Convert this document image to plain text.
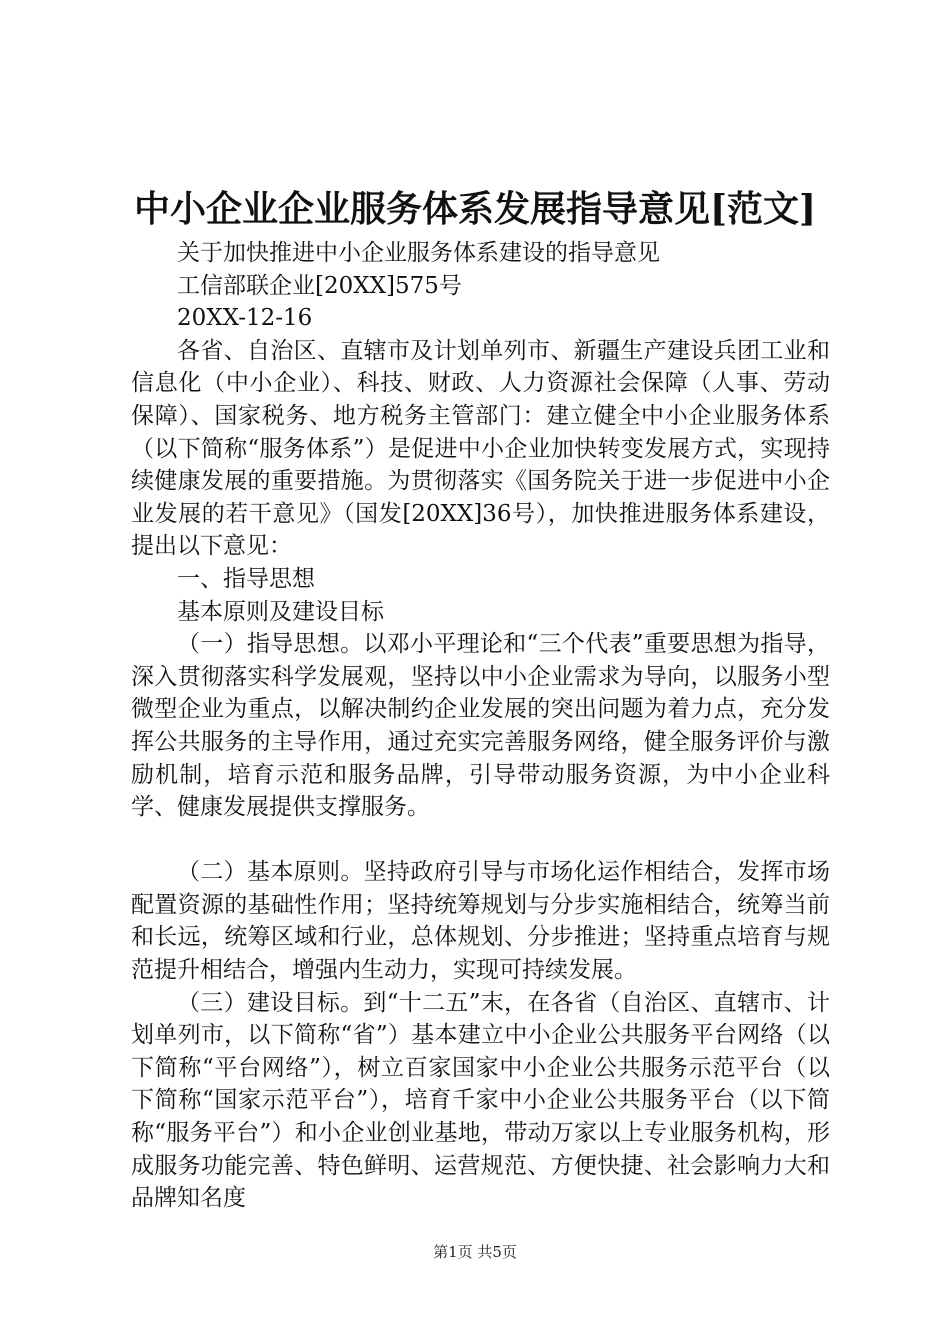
中小企业企业服务体系发展指导意见[范文]

关于加快推进中小企业服务体系建设的指导意见

工信部联企业[20XX]575号

20XX-12-16

各省、自治区、直辖市及计划单列市、新疆生产建设兵团工业和信息化（中小企业）、科技、财政、人力资源社会保障（人事、劳动保障）、国家税务、地方税务主管部门：建立健全中小企业服务体系（以下简称“服务体系”）是促进中小企业加快转变发展方式，实现持续健康发展的重要措施。为贯彻落实《国务院关于进一步促进中小企业发展的若干意见》（国发[20XX]36号），加快推进服务体系建设，提出以下意见：

一、指导思想

基本原则及建设目标

（一）指导思想。以邓小平理论和“三个代表”重要思想为指导，深入贯彻落实科学发展观，坚持以中小企业需求为导向，以服务小型微型企业为重点，以解决制约企业发展的突出问题为着力点，充分发挥公共服务的主导作用，通过充实完善服务网络，健全服务评价与激励机制，培育示范和服务品牌，引导带动服务资源，为中小企业科学、健康发展提供支撑服务。

（二）基本原则。坚持政府引导与市场化运作相结合，发挥市场配置资源的基础性作用；坚持统筹规划与分步实施相结合，统筹当前和长远，统筹区域和行业，总体规划、分步推进；坚持重点培育与规范提升相结合，增强内生动力，实现可持续发展。

（三）建设目标。到“十二五”末，在各省（自治区、直辖市、计划单列市，以下简称“省”）基本建立中小企业公共服务平台网络（以下简称“平台网络”），树立百家国家中小企业公共服务示范平台（以下简称“国家示范平台”），培育千家中小企业公共服务平台（以下简称“服务平台”）和小企业创业基地，带动万家以上专业服务机构，形成服务功能完善、特色鲜明、运营规范、方便快捷、社会影响力大和品牌知名度

第1页 共5页
